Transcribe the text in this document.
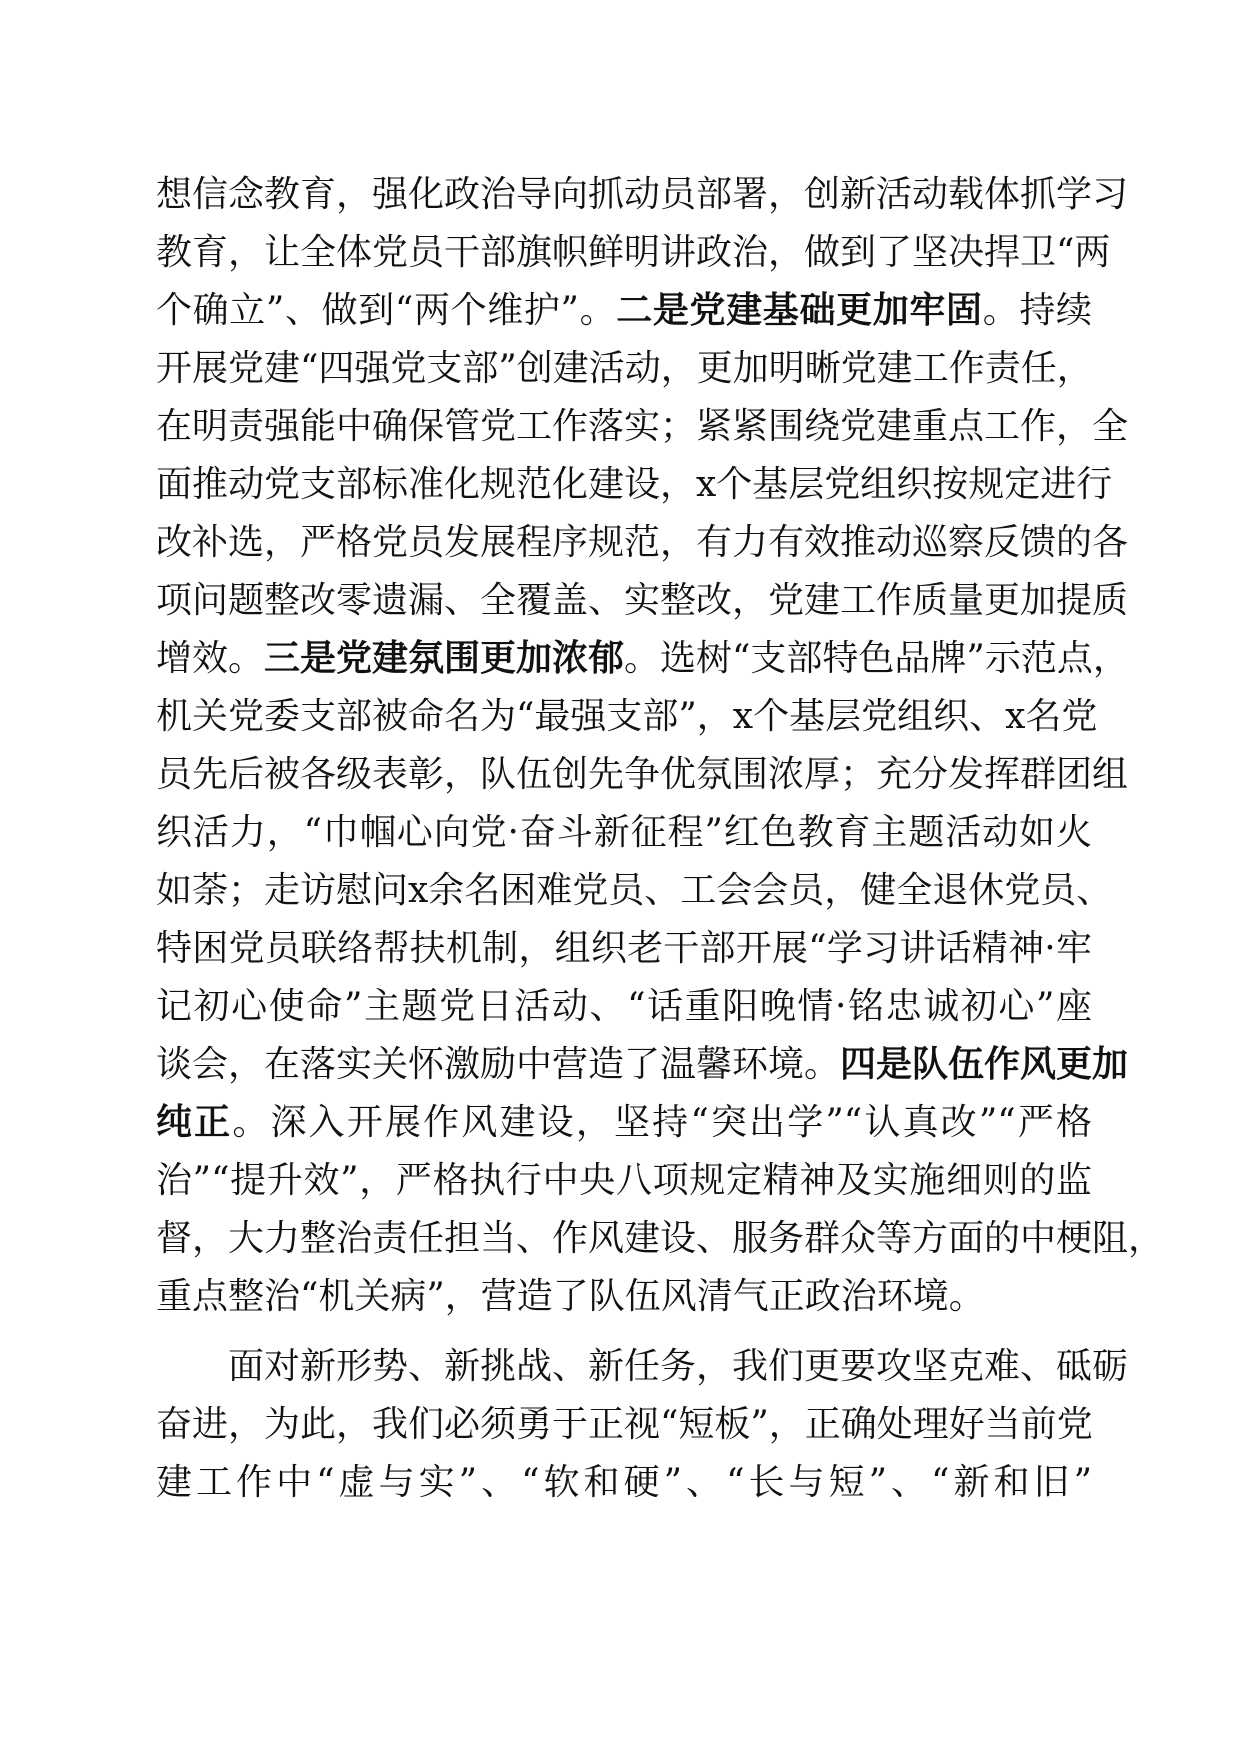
想信念教育，强化政治导向抓动员部署，创新活动载体抓学习
教育，让全体党员干部旗帜鲜明讲政治，做到了坚决捍卫“两
个确立”、做到“两个维护”。二是党建基础更加牢固。持续
开展党建“四强党支部”创建活动，更加明晰党建工作责任，
在明责强能中确保管党工作落实；紧紧围绕党建重点工作，全
面推动党支部标准化规范化建设，x个基层党组织按规定进行
改补选，严格党员发展程序规范，有力有效推动巡察反馈的各
项问题整改零遗漏、全覆盖、实整改，党建工作质量更加提质
增效。三是党建氛围更加浓郁。选树“支部特色品牌”示范点，
机关党委支部被命名为“最强支部”，x个基层党组织、x名党
员先后被各级表彰，队伍创先争优氛围浓厚；充分发挥群团组
织活力，“巾帼心向党·奋斗新征程”红色教育主题活动如火
如荼；走访慰问x余名困难党员、工会会员，健全退休党员、
特困党员联络帮扶机制，组织老干部开展“学习讲话精神·牢
记初心使命”主题党日活动、“话重阳晚情·铭忠诚初心”座
谈会，在落实关怀激励中营造了温馨环境。四是队伍作风更加
纯正。深入开展作风建设，坚持“突出学”“认真改”“严格
治”“提升效”，严格执行中央八项规定精神及实施细则的监
督，大力整治责任担当、作风建设、服务群众等方面的中梗阻，
重点整治“机关病”，营造了队伍风清气正政治环境。
面对新形势、新挑战、新任务，我们更要攻坚克难、砥砺
奋进，为此，我们必须勇于正视“短板”，正确处理好当前党
建工作中“虚与实”、“软和硬”、“长与短”、“新和旧”
